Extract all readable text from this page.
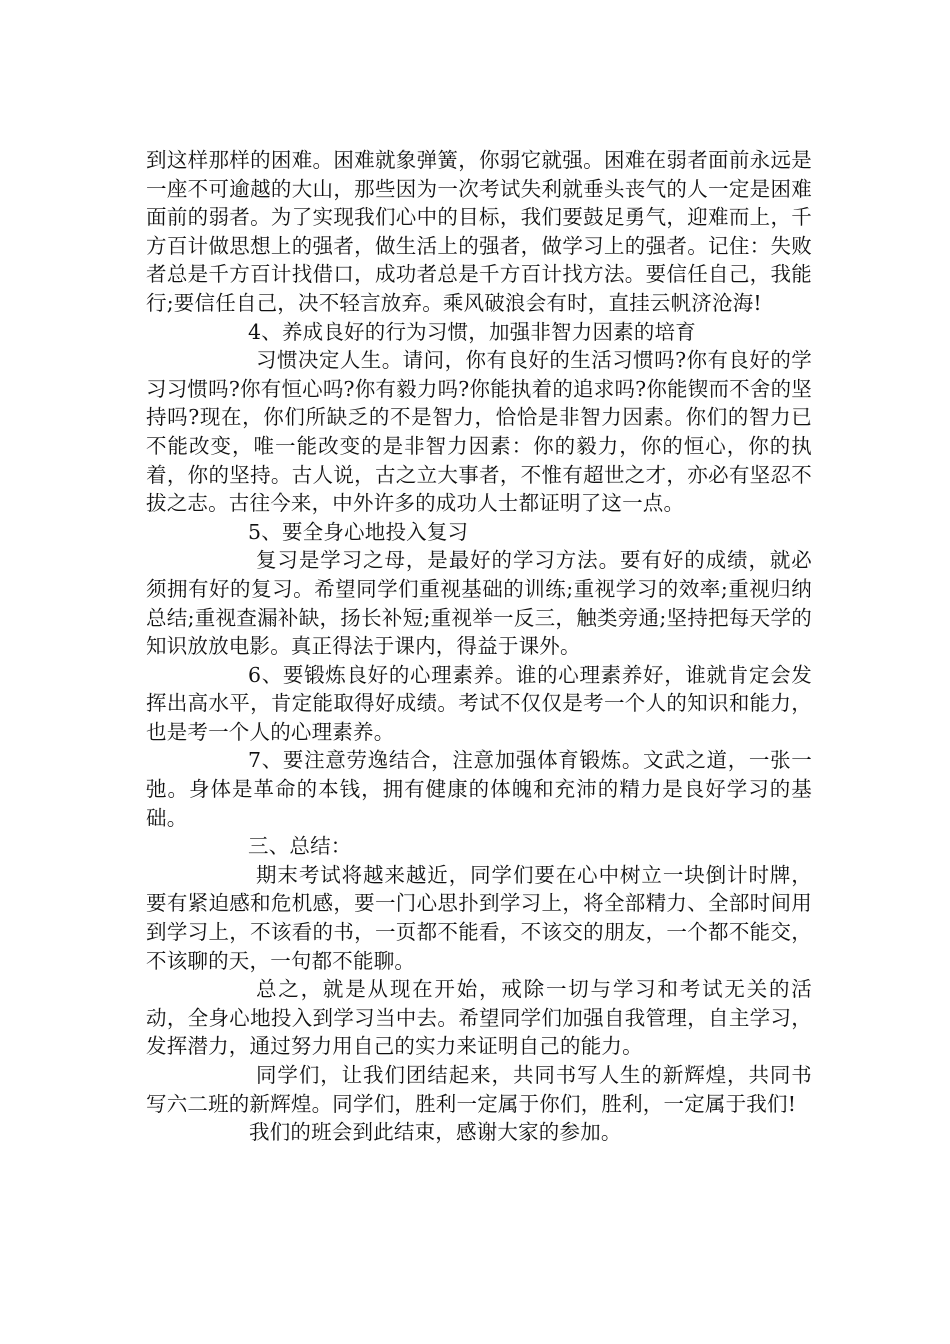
到这样那样的困难。困难就象弹簧，你弱它就强。困难在弱者面前永远是一座不可逾越的大山，那些因为一次考试失利就垂头丧气的人一定是困难面前的弱者。为了实现我们心中的目标，我们要鼓足勇气，迎难而上，千方百计做思想上的强者，做生活上的强者，做学习上的强者。记住：失败者总是千方百计找借口，成功者总是千方百计找方法。要信任自己，我能行;要信任自己，决不轻言放弃。乘风破浪会有时，直挂云帆济沧海!

4、养成良好的行为习惯，加强非智力因素的培育

习惯决定人生。请问，你有良好的生活习惯吗?你有良好的学习习惯吗?你有恒心吗?你有毅力吗?你能执着的追求吗?你能锲而不舍的坚持吗?现在，你们所缺乏的不是智力，恰恰是非智力因素。你们的智力已不能改变，唯一能改变的是非智力因素：你的毅力，你的恒心，你的执着，你的坚持。古人说，古之立大事者，不惟有超世之才，亦必有坚忍不拔之志。古往今来，中外许多的成功人士都证明了这一点。

5、要全身心地投入复习

复习是学习之母，是最好的学习方法。要有好的成绩，就必须拥有好的复习。希望同学们重视基础的训练;重视学习的效率;重视归纳总结;重视查漏补缺，扬长补短;重视举一反三，触类旁通;坚持把每天学的知识放放电影。真正得法于课内，得益于课外。

6、要锻炼良好的心理素养。谁的心理素养好，谁就肯定会发挥出高水平，肯定能取得好成绩。考试不仅仅是考一个人的知识和能力，也是考一个人的心理素养。

7、要注意劳逸结合，注意加强体育锻炼。文武之道，一张一弛。身体是革命的本钱，拥有健康的体魄和充沛的精力是良好学习的基础。

三、总结：

期末考试将越来越近，同学们要在心中树立一块倒计时牌，要有紧迫感和危机感，要一门心思扑到学习上，将全部精力、全部时间用到学习上，不该看的书，一页都不能看，不该交的朋友，一个都不能交，不该聊的天，一句都不能聊。

总之，就是从现在开始，戒除一切与学习和考试无关的活动，全身心地投入到学习当中去。希望同学们加强自我管理，自主学习，发挥潜力，通过努力用自己的实力来证明自己的能力。

同学们，让我们团结起来，共同书写人生的新辉煌，共同书写六二班的新辉煌。同学们，胜利一定属于你们，胜利，一定属于我们!

我们的班会到此结束，感谢大家的参加。
